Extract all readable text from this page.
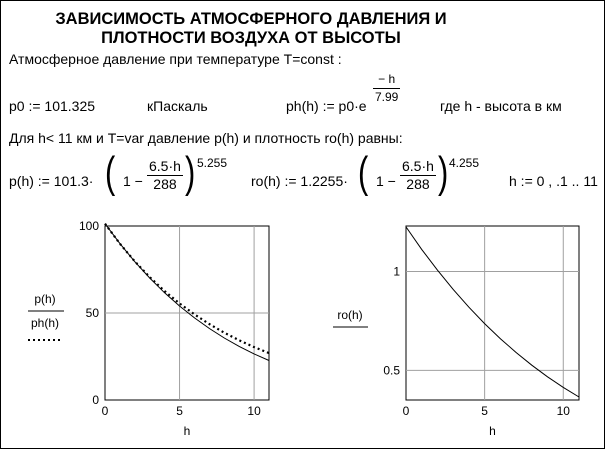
ЗАВИСИМОСТЬ АТМОСФЕРНОГО ДАВЛЕНИЯ И
ПЛОТНОСТИ ВОЗДУХА ОТ ВЫСОТЫ
Атмосферное давление при температуре T=const :
p0 := 101.325	кПаскаль	ph(h) := p0·e
− h
7.99
где h - высота в км
Для h< 11 км и T=var давление p(h) и плотность ro(h) равны:
p(h) := 101.3· ( 1 −
6.5·h
288 ) 5.255
ro(h) := 1.2255· ( 1 −
6.5·h
288 ) 4.255
h := 0 , .1 .. 11
0	5	10
0
50
100
h
0	5	10
0.5
1
h
p(h)
ph(h)
ro(h)
